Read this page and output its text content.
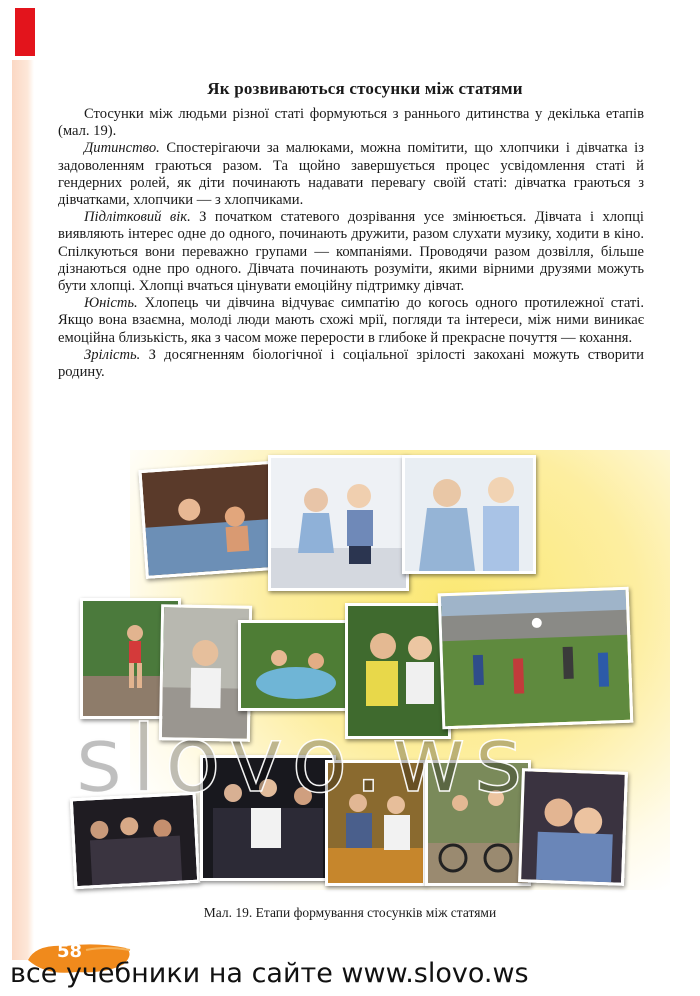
Як розвиваються стосунки між статями

Стосунки між людьми різної статі формуються з раннього дитинства у декілька етапів (мал. 19).

Дитинство. Спостерігаючи за малюками, можна помітити, що хлопчики і дівчатка із задоволенням граються разом. Та щойно завершується процес усвідомлення статі й гендерних ролей, як діти починають надавати перевагу своїй статі: дівчатка граються з дівчатками, хлопчики — з хлопчиками.

Підлітковий вік. З початком статевого дозрівання усе змінюється. Дівчата і хлопці виявляють інтерес одне до одного, починають дружити, разом слухати музику, ходити в кіно. Спілкуються вони переважно групами — компаніями. Проводячи разом дозвілля, більше дізнаються одне про одного. Дівчата починають розуміти, якими вірними друзями можуть бути хлопці. Хлопці вчаться цінувати емоційну підтримку дівчат.

Юність. Хлопець чи дівчина відчуває симпатію до когось одного протилежної статі. Якщо вона взаємна, молоді люди мають схожі мрії, погляди та інтереси, між ними виникає емоційна близькість, яка з часом може перерости в глибоке й прекрасне почуття — кохання.

Зрілість. З досягненням біологічної і соціальної зрілості закохані можуть створити родину.

Мал. 19. Етапи формування стосунків між статями
58
все учебники на сайте www.slovo.ws
